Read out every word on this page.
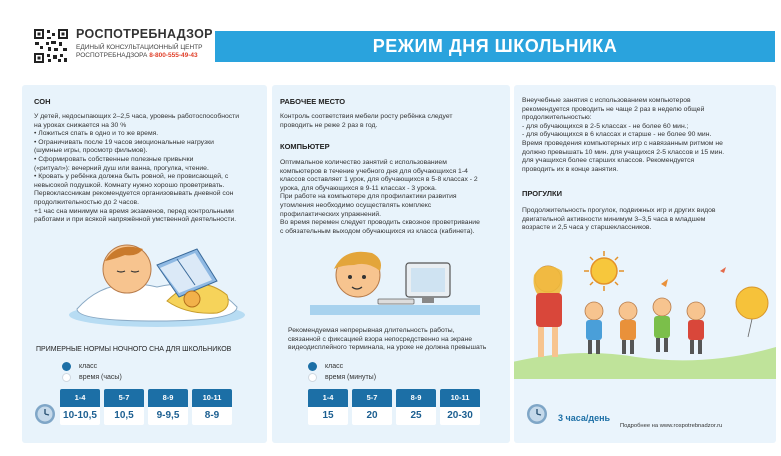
РОСПОТРЕБНАДЗОР
ЕДИНЫЙ КОНСУЛЬТАЦИОННЫЙ ЦЕНТР
РОСПОТРЕБНАДЗОРА 8-800-555-49-43	РЕЖИМ ДНЯ ШКОЛЬНИКА
СОН
У детей, недосыпающих 2–2,5 часа, уровень работоспособности
на уроках снижается на 30 %
• Ложиться спать в одно и то же время.
• Ограничивать после 19 часов эмоциональные нагрузки
(шумные игры, просмотр фильмов).
• Сформировать собственные полезные привычки
(«ритуал»): вечерний душ или ванна, прогулка, чтение.
• Кровать у ребёнка должна быть ровной, не провисающей, с
невысокой подушкой. Комнату нужно хорошо проветривать.
Первоклассникам рекомендуется организовывать дневной сон
продолжительностью до 2 часов.
+1 час сна минимум на время экзаменов, перед контрольными
работами и при всякой напряжённой умственной деятельности.
ПРИМЕРНЫЕ НОРМЫ НОЧНОГО СНА ДЛЯ ШКОЛЬНИКОВ
класс
время (часы)
1-4
10-10,5
5-7
10,5
8-9
9-9,5
10-11
8-9
РАБОЧЕЕ МЕСТО
Контроль соответствия мебели росту ребёнка следует
проводить не реже 2 раз в год.
КОМПЬЮТЕР
Оптимальное количество занятий с использованием
компьютеров в течение учебного дня для обучающихся 1-4
классов составляет 1 урок, для обучающихся в 5-8 классах - 2
урока, для обучающихся в 9-11 классах - 3 урока.
При работе на компьютере для профилактики развития
утомления необходимо осуществлять комплекс
профилактических упражнений.
Во время перемен следует проводить сквозное проветривание
с обязательным выходом обучающихся из класса (кабинета).
Рекомендуемая непрерывная длительность работы,
связанной с фиксацией взора непосредственно на экране
видеодисплейного терминала, на уроке не должна превышать
класс
время (минуты)
1-4
15
5-7
20
8-9
25
10-11
20-30
Внеучебные занятия с использованием компьютеров
рекомендуется проводить не чаще 2 раз в неделю общей
продолжительностью:
- для обучающихся в 2-5 классах - не более 60 мин.;
- для обучающихся в 6 классах и старше - не более 90 мин.
Время проведения компьютерных игр с навязанным ритмом не
должно превышать 10 мин. для учащихся 2-5 классов и 15 мин.
для учащихся более старших классов. Рекомендуется
проводить их в конце занятия.
ПРОГУЛКИ
Продолжительность прогулок, подвижных игр и других видов
двигательной активности минимум 3–3,5 часа в младшем
возрасте и 2,5 часа у старшеклассников.
3 часа/день
Подробнее на www.rospotrebnadzor.ru
